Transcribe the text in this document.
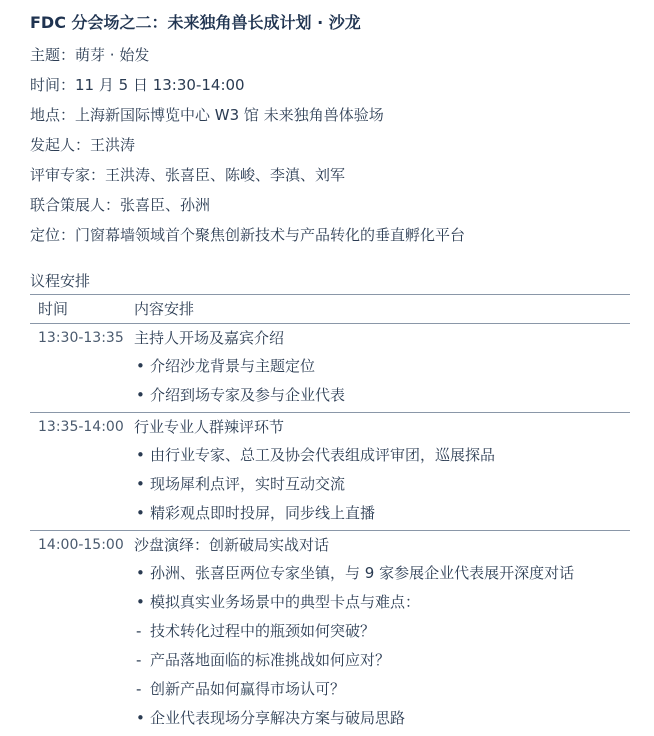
FDC 分会场之二：未来独角兽长成计划 · 沙龙
主题：萌芽 · 始发
时间：11 月 5 日 13:30-14:00
地点：上海新国际博览中心 W3 馆 未来独角兽体验场
发起人：王洪涛
评审专家：王洪涛、张喜臣、陈峻、李滇、刘军
联合策展人：张喜臣、孙洲
定位：门窗幕墙领域首个聚焦创新技术与产品转化的垂直孵化平台
议程安排
时间	内容安排
13:30-13:35 主持人开场及嘉宾介绍
• 介绍沙龙背景与主题定位
• 介绍到场专家及参与企业代表
13:35-14:00 行业专业人群辣评环节
• 由行业专家、总工及协会代表组成评审团，巡展探品
• 现场犀利点评，实时互动交流
• 精彩观点即时投屏，同步线上直播
14:00-15:00 沙盘演绎：创新破局实战对话
• 孙洲、张喜臣两位专家坐镇，与 9 家参展企业代表展开深度对话
• 模拟真实业务场景中的典型卡点与难点：
- 技术转化过程中的瓶颈如何突破？
- 产品落地面临的标准挑战如何应对？
- 创新产品如何赢得市场认可？
• 企业代表现场分享解决方案与破局思路
